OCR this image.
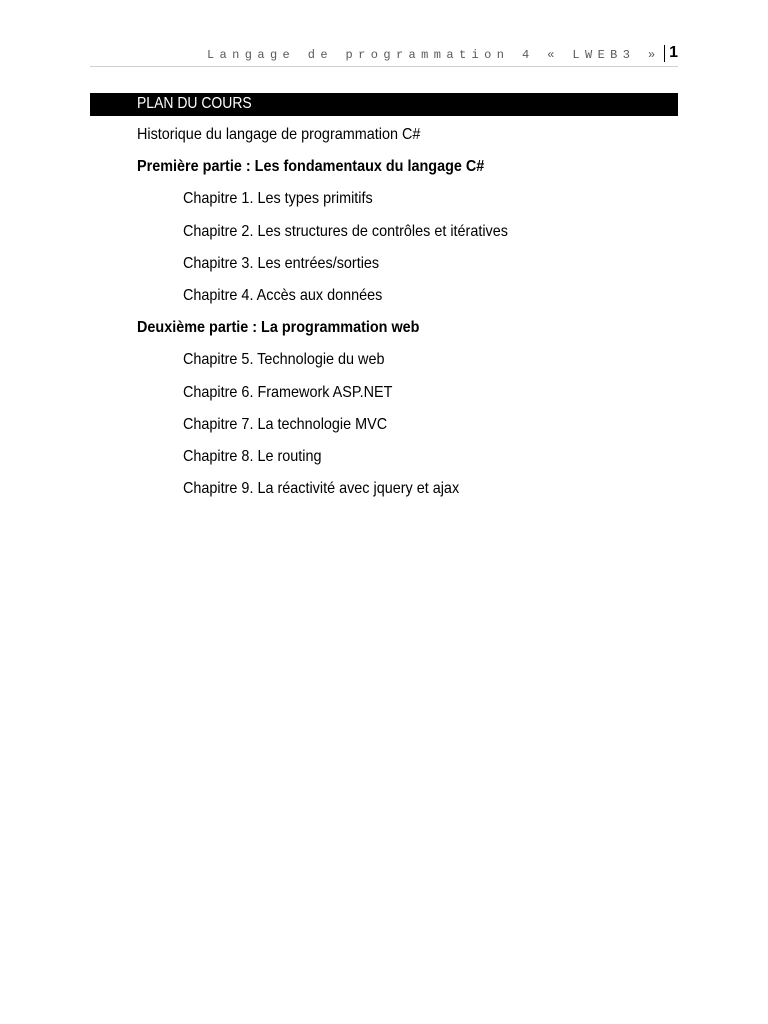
Langage de programmation 4 « LWEB3 » 1
PLAN DU COURS
Historique du langage de programmation C#
Première partie : Les fondamentaux du langage C#
Chapitre 1. Les types primitifs
Chapitre 2. Les structures de contrôles et itératives
Chapitre 3. Les entrées/sorties
Chapitre 4. Accès aux données
Deuxième partie : La programmation web
Chapitre 5. Technologie du web
Chapitre 6. Framework ASP.NET
Chapitre 7. La technologie MVC
Chapitre 8. Le routing
Chapitre 9. La réactivité avec jquery et ajax
